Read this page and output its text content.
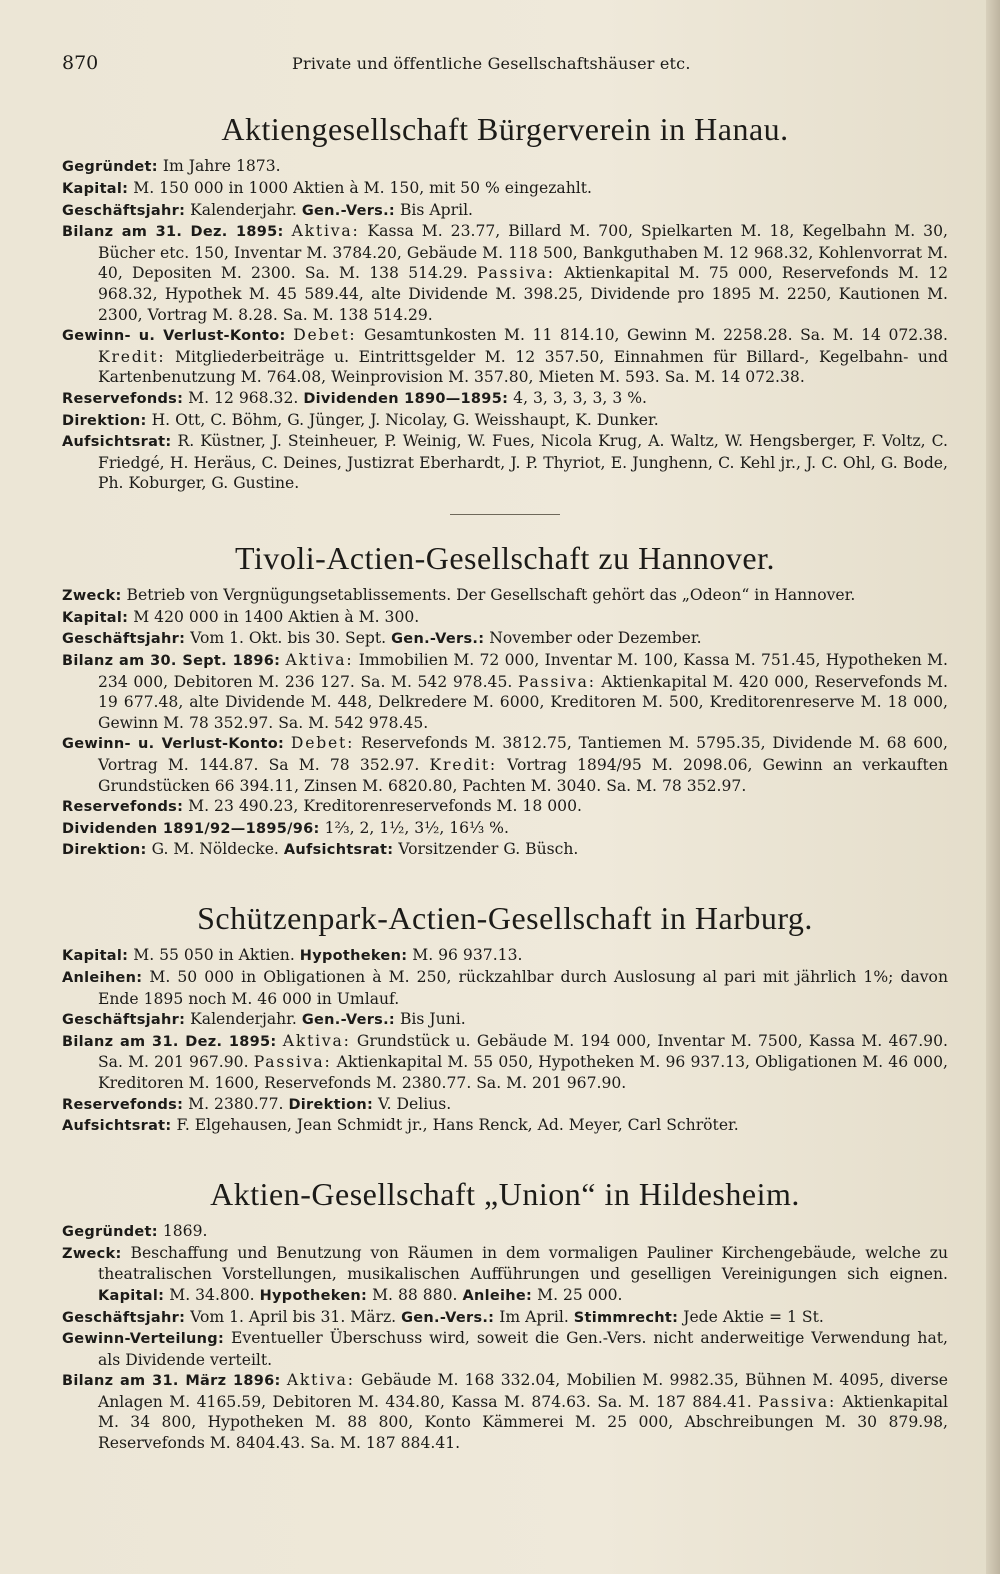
870	Private und öffentliche Gesellschaftshäuser etc.
Aktiengesellschaft Bürgerverein in Hanau.

Gegründet: Im Jahre 1873.

Kapital: M. 150 000 in 1000 Aktien à M. 150, mit 50 % eingezahlt.

Geschäftsjahr: Kalenderjahr. Gen.-Vers.: Bis April.

Bilanz am 31. Dez. 1895: Aktiva: Kassa M. 23.77, Billard M. 700, Spielkarten M. 18, Kegelbahn M. 30, Bücher etc. 150, Inventar M. 3784.20, Gebäude M. 118 500, Bankguthaben M. 12 968.32, Kohlenvorrat M. 40, Depositen M. 2300. Sa. M. 138 514.29. Passiva: Aktienkapital M. 75 000, Reservefonds M. 12 968.32, Hypothek M. 45 589.44, alte Dividende M. 398.25, Dividende pro 1895 M. 2250, Kautionen M. 2300, Vortrag M. 8.28. Sa. M. 138 514.29.

Gewinn- u. Verlust-Konto: Debet: Gesamtunkosten M. 11 814.10, Gewinn M. 2258.28. Sa. M. 14 072.38. Kredit: Mitgliederbeiträge u. Eintrittsgelder M. 12 357.50, Einnahmen für Billard-, Kegelbahn- und Kartenbenutzung M. 764.08, Weinprovision M. 357.80, Mieten M. 593. Sa. M. 14 072.38.

Reservefonds: M. 12 968.32. Dividenden 1890—1895: 4, 3, 3, 3, 3, 3 %.

Direktion: H. Ott, C. Böhm, G. Jünger, J. Nicolay, G. Weisshaupt, K. Dunker.

Aufsichtsrat: R. Küstner, J. Steinheuer, P. Weinig, W. Fues, Nicola Krug, A. Waltz, W. Hengsberger, F. Voltz, C. Friedgé, H. Heräus, C. Deines, Justizrat Eberhardt, J. P. Thyriot, E. Junghenn, C. Kehl jr., J. C. Ohl, G. Bode, Ph. Koburger, G. Gustine.

Tivoli-Actien-Gesellschaft zu Hannover.

Zweck: Betrieb von Vergnügungsetablissements. Der Gesellschaft gehört das „Odeon“ in Hannover.

Kapital: M 420 000 in 1400 Aktien à M. 300.

Geschäftsjahr: Vom 1. Okt. bis 30. Sept. Gen.-Vers.: November oder Dezember.

Bilanz am 30. Sept. 1896: Aktiva: Immobilien M. 72 000, Inventar M. 100, Kassa M. 751.45, Hypotheken M. 234 000, Debitoren M. 236 127. Sa. M. 542 978.45. Passiva: Aktienkapital M. 420 000, Reservefonds M. 19 677.48, alte Dividende M. 448, Delkredere M. 6000, Kreditoren M. 500, Kreditorenreserve M. 18 000, Gewinn M. 78 352.97. Sa. M. 542 978.45.

Gewinn- u. Verlust-Konto: Debet: Reservefonds M. 3812.75, Tantiemen M. 5795.35, Dividende M. 68 600, Vortrag M. 144.87. Sa M. 78 352.97. Kredit: Vortrag 1894/95 M. 2098.06, Gewinn an verkauften Grundstücken 66 394.11, Zinsen M. 6820.80, Pachten M. 3040. Sa. M. 78 352.97.

Reservefonds: M. 23 490.23, Kreditorenreservefonds M. 18 000.

Dividenden 1891/92—1895/96: 1⅔, 2, 1½, 3½, 16⅓ %.

Direktion: G. M. Nöldecke. Aufsichtsrat: Vorsitzender G. Büsch.

Schützenpark-Actien-Gesellschaft in Harburg.

Kapital: M. 55 050 in Aktien. Hypotheken: M. 96 937.13.

Anleihen: M. 50 000 in Obligationen à M. 250, rückzahlbar durch Auslosung al pari mit jährlich 1%; davon Ende 1895 noch M. 46 000 in Umlauf.

Geschäftsjahr: Kalenderjahr. Gen.-Vers.: Bis Juni.

Bilanz am 31. Dez. 1895: Aktiva: Grundstück u. Gebäude M. 194 000, Inventar M. 7500, Kassa M. 467.90. Sa. M. 201 967.90. Passiva: Aktienkapital M. 55 050, Hypotheken M. 96 937.13, Obligationen M. 46 000, Kreditoren M. 1600, Reservefonds M. 2380.77. Sa. M. 201 967.90.

Reservefonds: M. 2380.77. Direktion: V. Delius.

Aufsichtsrat: F. Elgehausen, Jean Schmidt jr., Hans Renck, Ad. Meyer, Carl Schröter.

Aktien-Gesellschaft „Union“ in Hildesheim.

Gegründet: 1869.

Zweck: Beschaffung und Benutzung von Räumen in dem vormaligen Pauliner Kirchengebäude, welche zu theatralischen Vorstellungen, musikalischen Aufführungen und geselligen Vereinigungen sich eignen. Kapital: M. 34.800. Hypotheken: M. 88 880. Anleihe: M. 25 000.

Geschäftsjahr: Vom 1. April bis 31. März. Gen.-Vers.: Im April. Stimmrecht: Jede Aktie = 1 St.

Gewinn-Verteilung: Eventueller Überschuss wird, soweit die Gen.-Vers. nicht anderweitige Verwendung hat, als Dividende verteilt.

Bilanz am 31. März 1896: Aktiva: Gebäude M. 168 332.04, Mobilien M. 9982.35, Bühnen M. 4095, diverse Anlagen M. 4165.59, Debitoren M. 434.80, Kassa M. 874.63. Sa. M. 187 884.41. Passiva: Aktienkapital M. 34 800, Hypotheken M. 88 800, Konto Kämmerei M. 25 000, Abschreibungen M. 30 879.98, Reservefonds M. 8404.43. Sa. M. 187 884.41.
